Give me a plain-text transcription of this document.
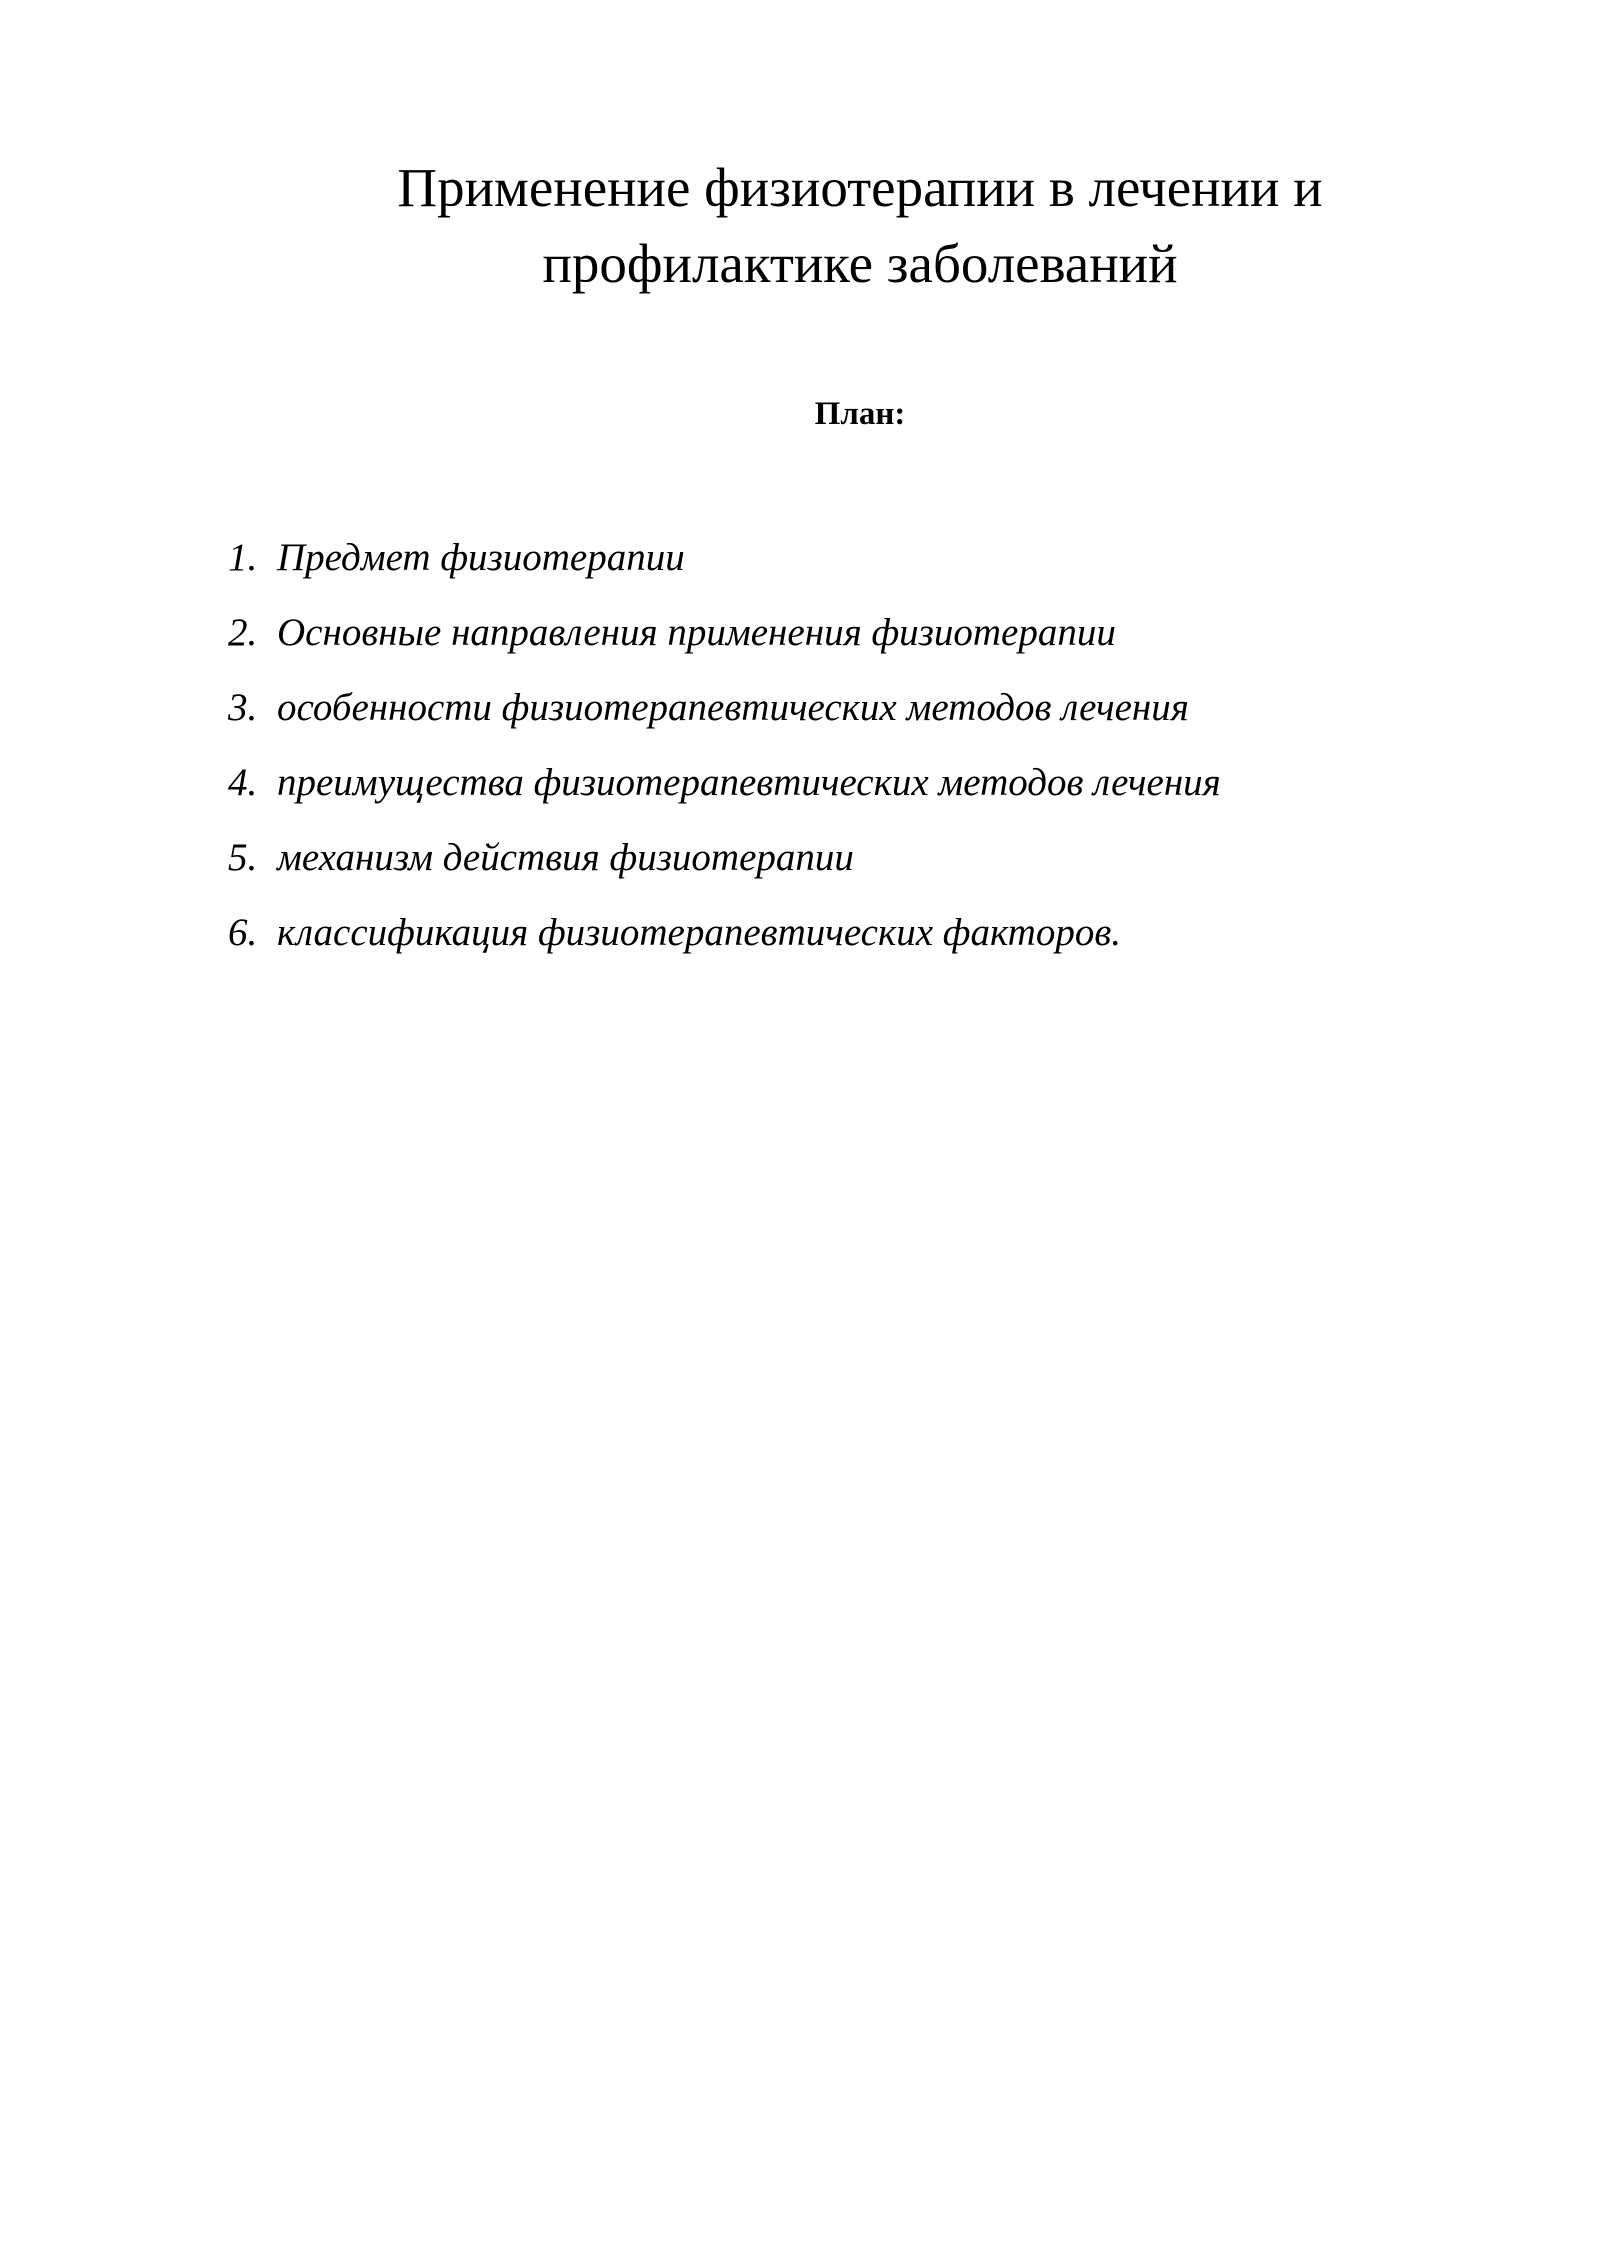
Применение физиотерапии в лечении и
профилактике заболеваний
План:
1. Предмет физиотерапии
2. Основные направления применения физиотерапии
3. особенности физиотерапевтических методов лечения
4. преимущества физиотерапевтических методов лечения
5. механизм действия физиотерапии
6. классификация физиотерапевтических факторов.
